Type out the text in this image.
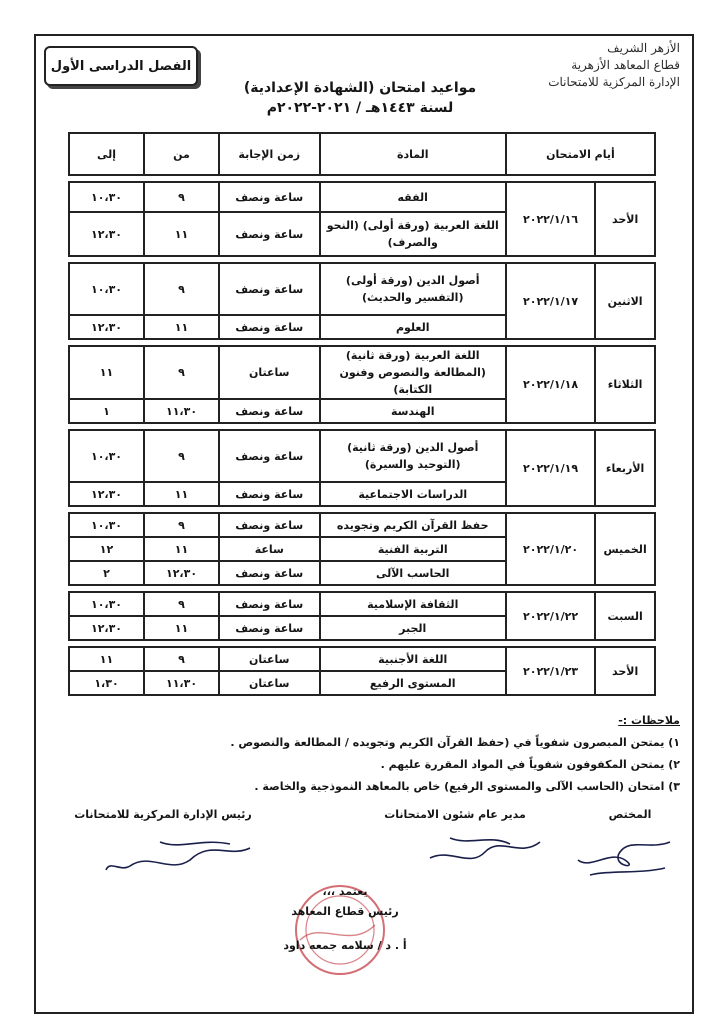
الفصل الدراسى الأول
الأزهر الشريف
قطاع المعاهد الأزهرية
الإدارة المركزية للامتحانات
مواعيد امتحان (الشهادة الإعدادية)
لسنة ١٤٤٣هـ / ٢٠٢١-٢٠٢٢م
أيام الامتحان		المادة	زمن الإجابة	من	إلى

الأحد	٢٠٢٢/١/١٦	الفقه	ساعة ونصف	٩	١٠،٣٠
		اللغة العربية (ورقة أولى) (النحو والصرف)	ساعة ونصف	١١	١٢،٣٠

الاثنين	٢٠٢٢/١/١٧	أصول الدين (ورقة أولى) (التفسير والحديث)	ساعة ونصف	٩	١٠،٣٠
		العلوم	ساعة ونصف	١١	١٢،٣٠

الثلاثاء	٢٠٢٢/١/١٨	اللغة العربية (ورقة ثانية) (المطالعة والنصوص وفنون الكتابة)	ساعتان	٩	١١
		الهندسة	ساعة ونصف	١١،٣٠	١

الأربعاء	٢٠٢٢/١/١٩	أصول الدين (ورقة ثانية) (التوحيد والسيرة)	ساعة ونصف	٩	١٠،٣٠
		الدراسات الاجتماعية	ساعة ونصف	١١	١٢،٣٠

الخميس	٢٠٢٢/١/٢٠	حفظ القرآن الكريم وتجويده	ساعة ونصف	٩	١٠،٣٠
		التربية الفنية	ساعة	١١	١٢
		الحاسب الآلى	ساعة ونصف	١٢،٣٠	٢

السبت	٢٠٢٢/١/٢٢	الثقافة الإسلامية	ساعة ونصف	٩	١٠،٣٠
		الجبر	ساعة ونصف	١١	١٢،٣٠

الأحد	٢٠٢٢/١/٢٣	اللغة الأجنبية	ساعتان	٩	١١
		المستوى الرفيع	ساعتان	١١،٣٠	١،٣٠
ملاحظات :-
١) يمتحن المبصرون شفوياً في (حفظ القرآن الكريم وتجويده / المطالعة والنصوص .
٢) يمتحن المكفوفون شفوياً في المواد المقررة عليهم .
٣) امتحان (الحاسب الآلى والمستوى الرفيع) خاص بالمعاهد النموذجية والخاصة .
المختص
مدير عام شئون الامتحانات
رئيس الإدارة المركزية للامتحانات
يعتمد ،،،
رئيس قطاع المعاهد
أ . د / سلامه جمعه داود
